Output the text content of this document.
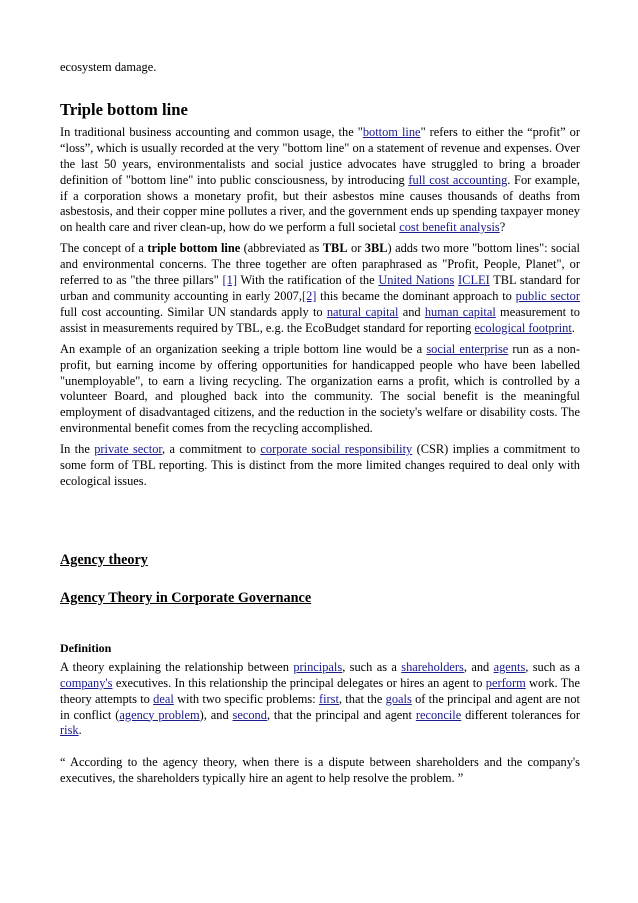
ecosystem damage.

Triple bottom line

In traditional business accounting and common usage, the "bottom line" refers to either the “profit” or “loss”, which is usually recorded at the very "bottom line" on a statement of revenue and expenses. Over the last 50 years, environmentalists and social justice advocates have struggled to bring a broader definition of "bottom line" into public consciousness, by introducing full cost accounting. For example, if a corporation shows a monetary profit, but their asbestos mine causes thousands of deaths from asbestosis, and their copper mine pollutes a river, and the government ends up spending taxpayer money on health care and river clean-up, how do we perform a full societal cost benefit analysis?

The concept of a triple bottom line (abbreviated as TBL or 3BL) adds two more "bottom lines": social and environmental concerns. The three together are often paraphrased as "Profit, People, Planet", or referred to as "the three pillars" [1] With the ratification of the United Nations ICLEI TBL standard for urban and community accounting in early 2007,[2] this became the dominant approach to public sector full cost accounting. Similar UN standards apply to natural capital and human capital measurement to assist in measurements required by TBL, e.g. the EcoBudget standard for reporting ecological footprint.

An example of an organization seeking a triple bottom line would be a social enterprise run as a non-profit, but earning income by offering opportunities for handicapped people who have been labelled "unemployable", to earn a living recycling. The organization earns a profit, which is controlled by a volunteer Board, and ploughed back into the community. The social benefit is the meaningful employment of disadvantaged citizens, and the reduction in the society's welfare or disability costs. The environmental benefit comes from the recycling accomplished.

In the private sector, a commitment to corporate social responsibility (CSR) implies a commitment to some form of TBL reporting. This is distinct from the more limited changes required to deal only with ecological issues.

Agency theory
Agency Theory in Corporate Governance
Definition

A theory explaining the relationship between principals, such as a shareholders, and agents, such as a company's executives. In this relationship the principal delegates or hires an agent to perform work. The theory attempts to deal with two specific problems: first, that the goals of the principal and agent are not in conflict (agency problem), and second, that the principal and agent reconcile different tolerances for risk.

“ According to the agency theory, when there is a dispute between shareholders and the company's executives, the shareholders typically hire an agent to help resolve the problem. ”
